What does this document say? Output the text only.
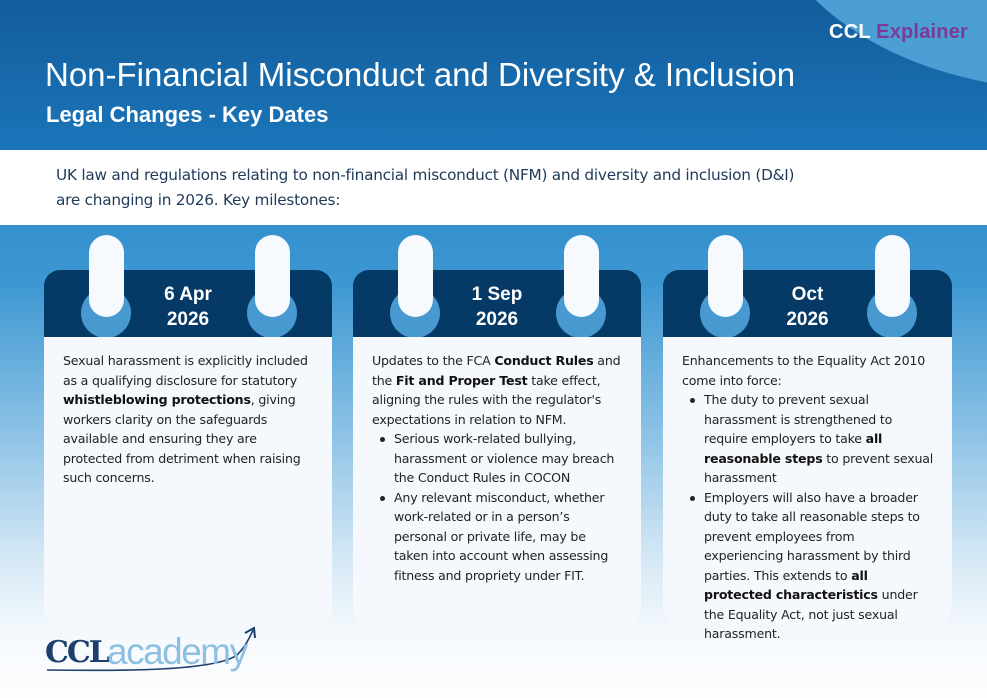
CCL Explainer
Non-Financial Misconduct and Diversity & Inclusion
Legal Changes - Key Dates

UK law and regulations relating to non-financial misconduct (NFM) and diversity and inclusion (D&I) are changing in 2026. Key milestones:

6 Apr
2026

Sexual harassment is explicitly included as a qualifying disclosure for statutory whistleblowing protections, giving workers clarity on the safeguards available and ensuring they are protected from detriment when raising such concerns.

1 Sep
2026

Updates to the FCA Conduct Rules and the Fit and Proper Test take effect, aligning the rules with the regulator's expectations in relation to NFM.

Serious work-related bullying, harassment or violence may breach the Conduct Rules in COCON
Any relevant misconduct, whether work-related or in a person’s personal or private life, may be taken into account when assessing fitness and propriety under FIT.
Oct
2026

Enhancements to the Equality Act 2010 come into force:

The duty to prevent sexual harassment is strengthened to require employers to take all reasonable steps to prevent sexual harassment
Employers will also have a broader duty to take all reasonable steps to prevent employees from experiencing harassment by third parties. This extends to all protected characteristics under the Equality Act, not just sexual harassment.
CCL academy
